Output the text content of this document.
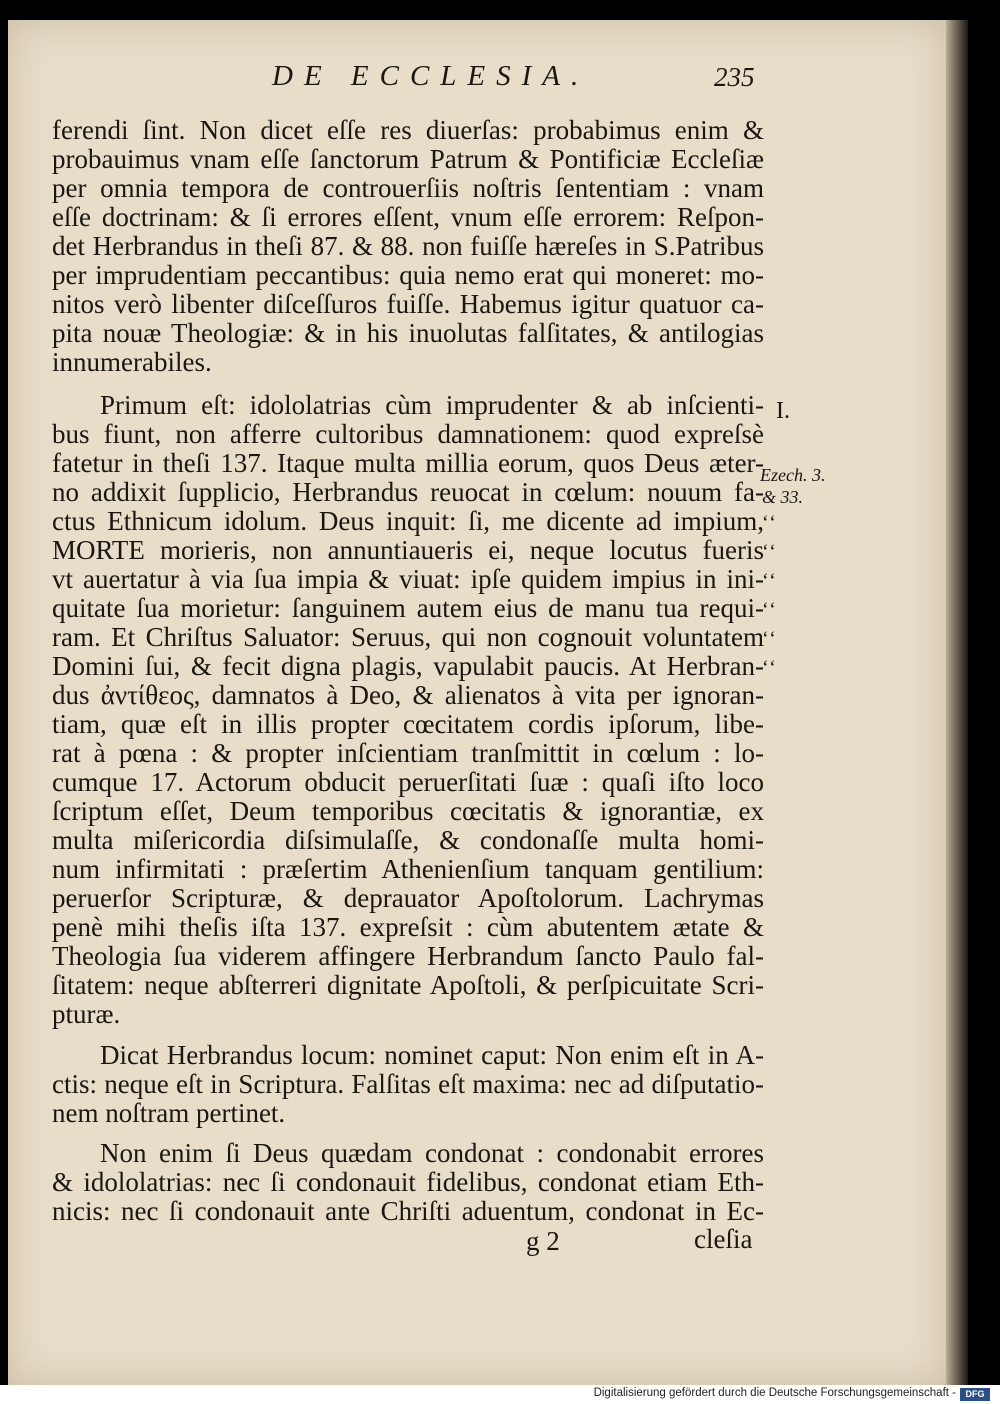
DE ECCLESIA.	235
ferendi ſint. Non dicet eſſe res diuerſas: probabimus enim &
probauimus vnam eſſe ſanctorum Patrum & Pontificiæ Eccleſiæ
per omnia tempora de controuerſiis noſtris ſententiam : vnam
eſſe doctrinam: & ſi errores eſſent, vnum eſſe errorem: Reſpon-
det Herbrandus in theſi 87. & 88. non fuiſſe hæreſes in S.Patribus
per imprudentiam peccantibus: quia nemo erat qui moneret: mo-
nitos verò libenter diſceſſuros fuiſſe. Habemus igitur quatuor ca-
pita nouæ Theologiæ: & in his inuolutas falſitates, & antilogias
innumerabiles.
Primum eſt: idololatrias cùm imprudenter & ab inſcienti-
bus fiunt, non afferre cultoribus damnationem: quod expreſsè
fatetur in theſi 137. Itaque multa millia eorum, quos Deus æter-
no addixit ſupplicio, Herbrandus reuocat in cœlum: nouum fa-
ctus Ethnicum idolum. Deus inquit: ſi, me dicente ad impium,
MORTE morieris, non annuntiaueris ei, neque locutus fueris
vt auertatur à via ſua impia & viuat: ipſe quidem impius in ini-
quitate ſua morietur: ſanguinem autem eius de manu tua requi-
ram. Et Chriſtus Saluator: Seruus, qui non cognouit voluntatem
Domini ſui, & fecit digna plagis, vapulabit paucis. At Herbran-
dus ἀντίθεος, damnatos à Deo, & alienatos à vita per ignoran-
tiam, quæ eſt in illis propter cœcitatem cordis ipſorum, libe-
rat à pœna : & propter inſcientiam tranſmittit in cœlum : lo-
cumque 17. Actorum obducit peruerſitati ſuæ : quaſi iſto loco
ſcriptum eſſet, Deum temporibus cœcitatis & ignorantiæ, ex
multa miſericordia diſsimulaſſe, & condonaſſe multa homi-
num infirmitati : præſertim Athenienſium tanquam gentilium:
peruerſor Scripturæ, & deprauator Apoſtolorum. Lachrymas
penè mihi theſis iſta 137. expreſsit : cùm abutentem ætate &
Theologia ſua viderem affingere Herbrandum ſancto Paulo fal-
ſitatem: neque abſterreri dignitate Apoſtoli, & perſpicuitate Scri-
pturæ.
Dicat Herbrandus locum: nominet caput: Non enim eſt in A-
ctis: neque eſt in Scriptura. Falſitas eſt maxima: nec ad diſputatio-
nem noſtram pertinet.
Non enim ſi Deus quædam condonat : condonabit errores
& idololatrias: nec ſi condonauit fidelibus, condonat etiam Eth-
nicis: nec ſi condonauit ante Chriſti aduentum, condonat in Ec-
I.
Ezech. 3.
& 33.
‘‘
‘‘
‘‘
‘‘
‘‘
‘‘
g 2	cleſia
Digitalisierung gefördert durch die Deutsche Forschungsgemeinschaft -	DFG
